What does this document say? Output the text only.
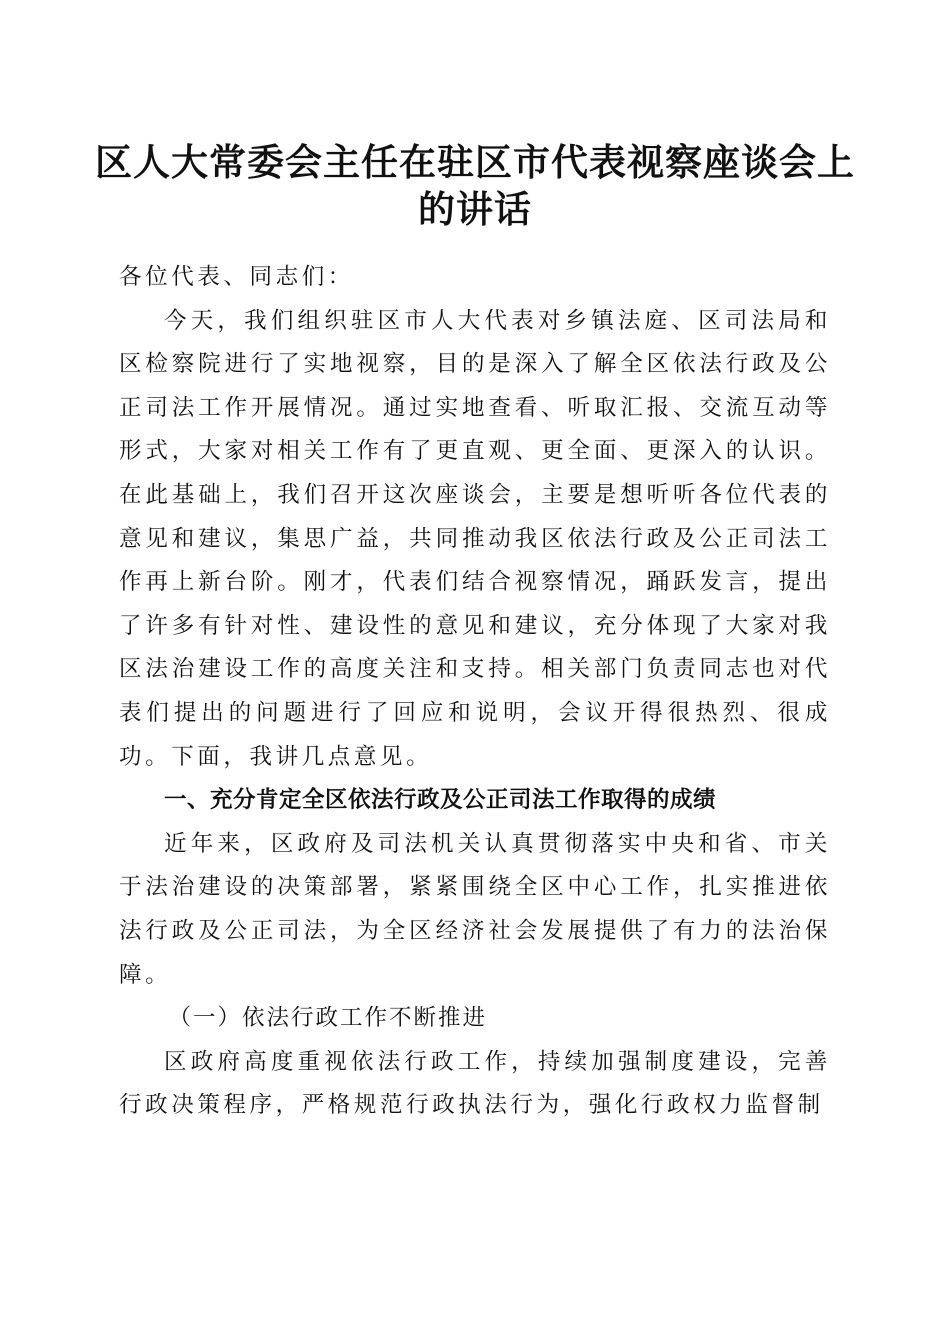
区人大常委会主任在驻区市代表视察座谈会上
的讲话

各位代表、同志们：

今天，我们组织驻区市人大代表对乡镇法庭、区司法局和区检察院进行了实地视察，目的是深入了解全区依法行政及公正司法工作开展情况。通过实地查看、听取汇报、交流互动等形式，大家对相关工作有了更直观、更全面、更深入的认识。在此基础上，我们召开这次座谈会，主要是想听听各位代表的意见和建议，集思广益，共同推动我区依法行政及公正司法工作再上新台阶。刚才，代表们结合视察情况，踊跃发言，提出了许多有针对性、建设性的意见和建议，充分体现了大家对我区法治建设工作的高度关注和支持。相关部门负责同志也对代表们提出的问题进行了回应和说明，会议开得很热烈、很成功。下面，我讲几点意见。

一、充分肯定全区依法行政及公正司法工作取得的成绩

近年来，区政府及司法机关认真贯彻落实中央和省、市关于法治建设的决策部署，紧紧围绕全区中心工作，扎实推进依法行政及公正司法，为全区经济社会发展提供了有力的法治保障。

（一）依法行政工作不断推进

区政府高度重视依法行政工作，持续加强制度建设，完善行政决策程序，严格规范行政执法行为，强化行政权力监督制
